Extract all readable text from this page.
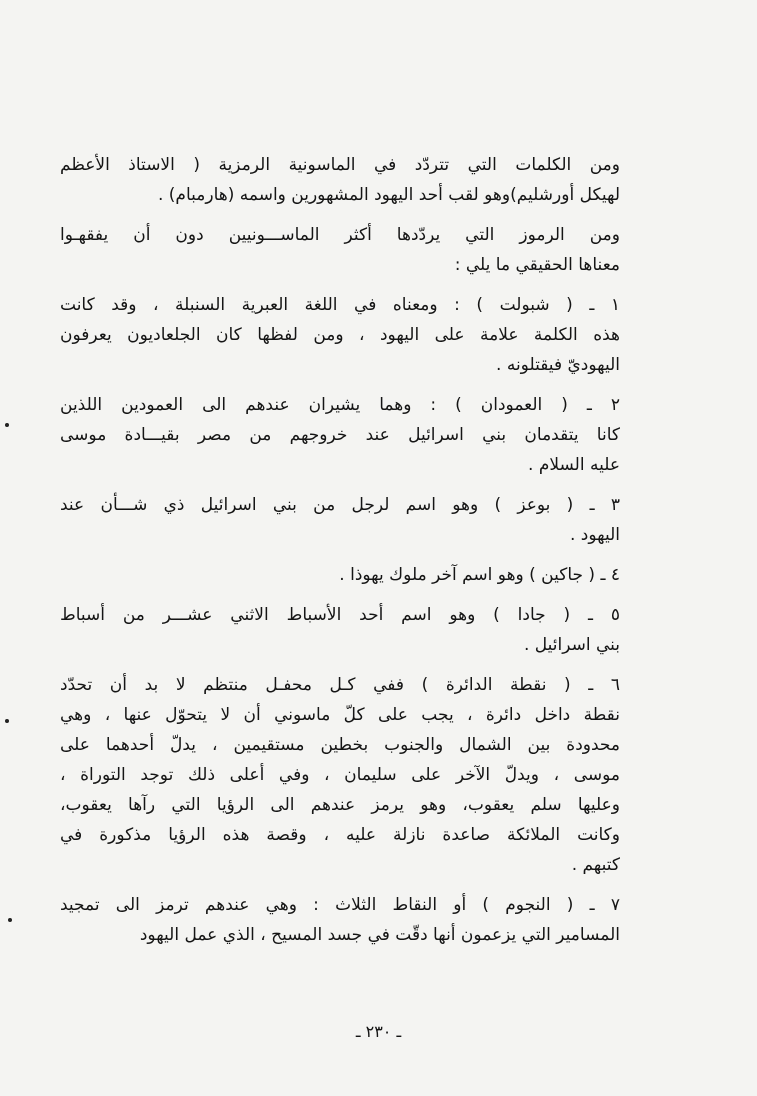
ومن الكلمات التي تتردّد في الماسونية الرمزية ( الاستاذ الأعظم
لهيكل أورشليم)وهو لقب أحد اليهود المشهورين واسمه (هارمبام) .
ومن الرموز التي يردّدها أكثر الماســـونيين دون أن يفقهـوا
معناها الحقيقي ما يلي :
١ ـ ( شبولت ) : ومعناه في اللغة العبرية السنبلة ، وقد كانت
هذه الكلمة علامة على اليهود ، ومن لفظها كان الجلعاديون يعرفون
اليهوديّ فيقتلونه .
٢ ـ ( العمودان ) : وهما يشيران عندهم الى العمودين اللذين
كانا يتقدمان بني اسرائيل عند خروجهم من مصر بقيـــادة موسى
عليه السلام .
٣ ـ ( بوعز ) وهو اسم لرجل من بني اسرائيل ذي شـــأن عند
اليهود .
٤ ـ ( جاكين ) وهو اسم آخر ملوك يهوذا .
٥ ـ ( جادا ) وهو اسم أحد الأسباط الاثني عشـــر من أسباط
بني اسرائيل .
٦ ـ ( نقطة الدائرة ) ففي كـل محفـل منتظم لا بد أن تحدّد
نقطة داخل دائرة ، يجب على كلّ ماسوني أن لا يتحوّل عنها ، وهي
محدودة بين الشمال والجنوب بخطين مستقيمين ، يدلّ أحدهما على
موسى ، ويدلّ الآخر على سليمان ، وفي أعلى ذلك توجد التوراة ،
وعليها سلم يعقوب، وهو يرمز عندهم الى الرؤيا التي رآها يعقوب،
وكانت الملائكة صاعدة نازلة عليه ، وقصة هذه الرؤيا مذكورة في
كتبهم .
٧ ـ ( النجوم ) أو النقاط الثلاث : وهي عندهم ترمز الى تمجيد
المسامير التي يزعمون أنها دقّت في جسد المسيح ، الذي عمل اليهود
ـ ٢٣٠ ـ
